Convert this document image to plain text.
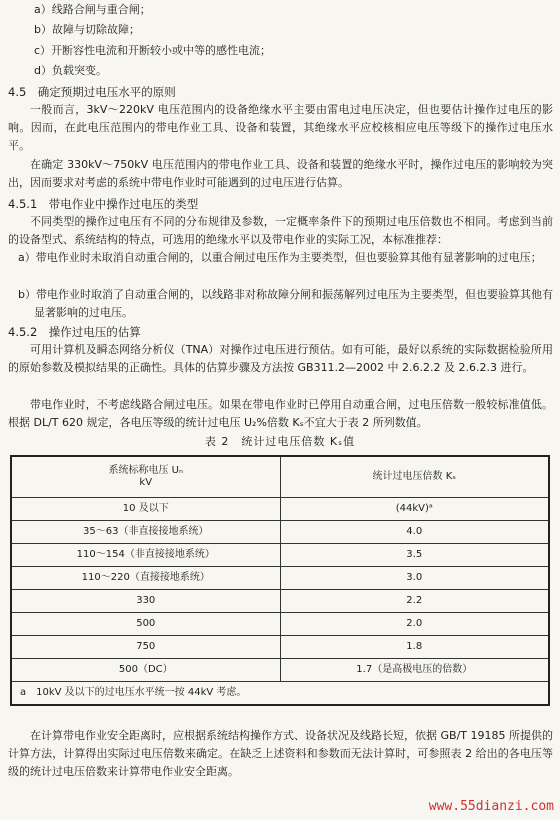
a）线路合闸与重合闸；
b）故障与切除故障；
c）开断容性电流和开断较小或中等的感性电流；
d）负载突变。
4.5　确定预期过电压水平的原则
一般而言，3kV～220kV 电压范围内的设备绝缘水平主要由雷电过电压决定，但也要估计操作过电压的影响。因而，在此电压范围内的带电作业工具、设备和装置，其绝缘水平应校核相应电压等级下的操作过电压水平。
在确定 330kV～750kV 电压范围内的带电作业工具、设备和装置的绝缘水平时，操作过电压的影响较为突出，因而要求对考虑的系统中带电作业时可能遇到的过电压进行估算。
4.5.1　带电作业中操作过电压的类型
不同类型的操作过电压有不同的分布规律及参数，一定概率条件下的预期过电压倍数也不相同。考虑到当前的设备型式、系统结构的特点，可选用的绝缘水平以及带电作业的实际工况，本标准推荐：
a）带电作业时未取消自动重合闸的，以重合闸过电压作为主要类型，但也要验算其他有显著影响的过电压；
b）带电作业时取消了自动重合闸的，以线路非对称故障分闸和振荡解列过电压为主要类型，但也要验算其他有显著影响的过电压。
4.5.2　操作过电压的估算
可用计算机及瞬态网络分析仪（TNA）对操作过电压进行预估。如有可能，最好以系统的实际数据检验所用的原始参数及模拟结果的正确性。具体的估算步骤及方法按 GB311.2—2002 中 2.6.2.2 及 2.6.2.3 进行。
带电作业时，不考虑线路合闸过电压。如果在带电作业时已停用自动重合闸，过电压倍数一般较标准值低。根据 DL/T 620 规定，各电压等级的统计过电压 U₂%倍数 Kₛ不宜大于表 2 所列数值。
表 2　统计过电压倍数 Kₛ值
系统标称电压 Uₙ
kV	统计过电压倍数 Kₛ
10 及以下	(44kV)ᵃ
35～63（非直接接地系统）	4.0
110～154（非直接接地系统）	3.5
110～220（直接接地系统）	3.0
330	2.2
500	2.0
750	1.8
500（DC）	1.7（是高极电压的倍数）
a　10kV 及以下的过电压水平统一按 44kV 考虑。	
在计算带电作业安全距离时，应根据系统结构操作方式、设备状况及线路长短，依据 GB/T 19185 所提供的计算方法，计算得出实际过电压倍数来确定。在缺乏上述资料和参数而无法计算时，可参照表 2 给出的各电压等级的统计过电压倍数来计算带电作业安全距离。
www.55dianzi.com
